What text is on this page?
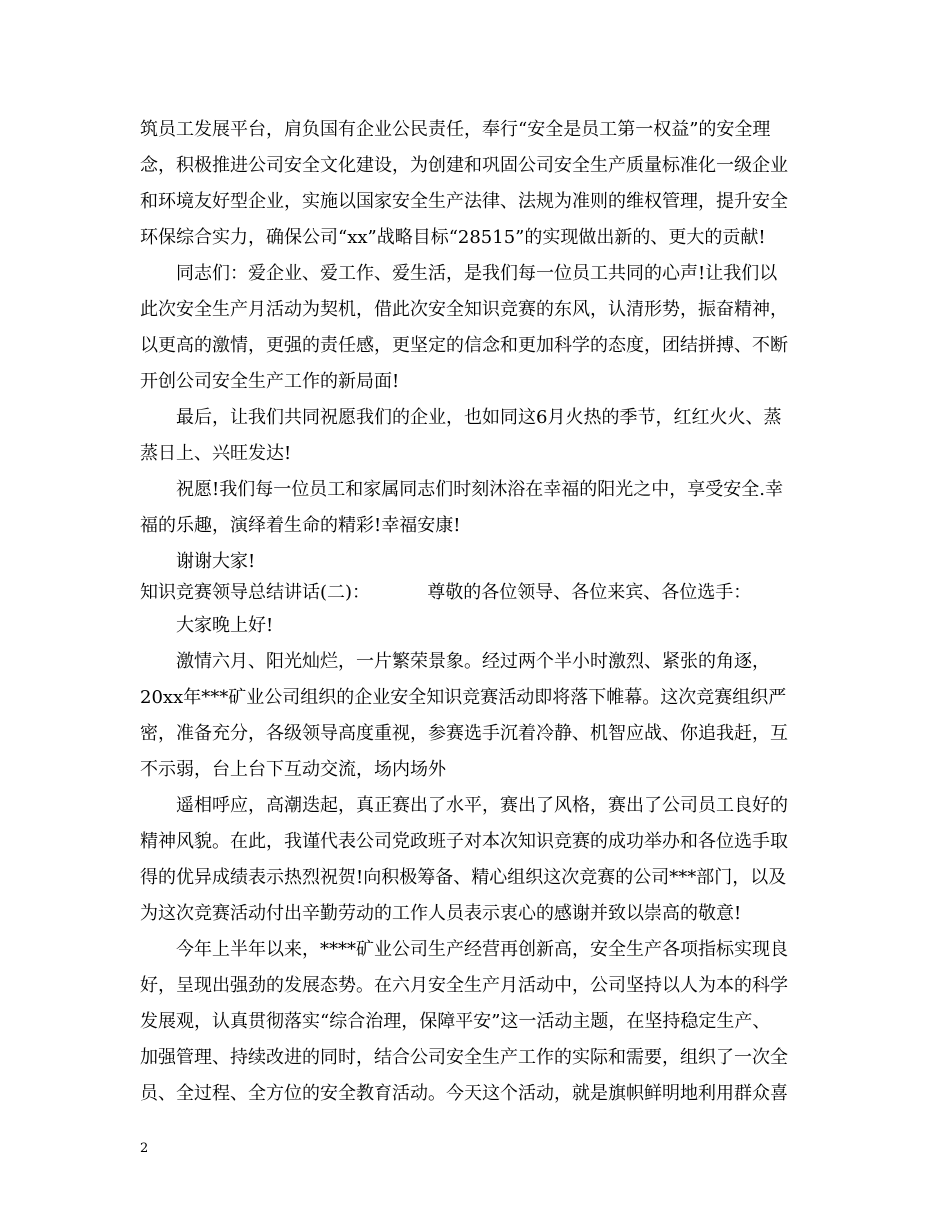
筑员工发展平台，肩负国有企业公民责任，奉行“安全是员工第一权益”的安全理
念，积极推进公司安全文化建设，为创建和巩固公司安全生产质量标准化一级企业
和环境友好型企业，实施以国家安全生产法律、法规为准则的维权管理，提升安全
环保综合实力，确保公司“xx”战略目标“28515”的实现做出新的、更大的贡献!
同志们：爱企业、爱工作、爱生活，是我们每一位员工共同的心声!让我们以
此次安全生产月活动为契机，借此次安全知识竞赛的东风，认清形势，振奋精神，
以更高的激情，更强的责任感，更坚定的信念和更加科学的态度，团结拼搏、不断
开创公司安全生产工作的新局面!
最后，让我们共同祝愿我们的企业，也如同这6月火热的季节，红红火火、蒸
蒸日上、兴旺发达!
祝愿!我们每一位员工和家属同志们时刻沐浴在幸福的阳光之中，享受安全.幸
福的乐趣，演绎着生命的精彩!幸福安康!
谢谢大家!
知识竞赛领导总结讲话(二)：          尊敬的各位领导、各位来宾、各位选手：
大家晚上好!
激情六月、阳光灿烂，一片繁荣景象。经过两个半小时激烈、紧张的角逐，
20xx年***矿业公司组织的企业安全知识竞赛活动即将落下帷幕。这次竞赛组织严
密，准备充分，各级领导高度重视，参赛选手沉着冷静、机智应战、你追我赶，互
不示弱，台上台下互动交流，场内场外
遥相呼应，高潮迭起，真正赛出了水平，赛出了风格，赛出了公司员工良好的
精神风貌。在此，我谨代表公司党政班子对本次知识竞赛的成功举办和各位选手取
得的优异成绩表示热烈祝贺!向积极筹备、精心组织这次竞赛的公司***部门，以及
为这次竞赛活动付出辛勤劳动的工作人员表示衷心的感谢并致以崇高的敬意!
今年上半年以来，****矿业公司生产经营再创新高，安全生产各项指标实现良
好，呈现出强劲的发展态势。在六月安全生产月活动中，公司坚持以人为本的科学
发展观，认真贯彻落实“综合治理，保障平安”这一活动主题，在坚持稳定生产、
加强管理、持续改进的同时，结合公司安全生产工作的实际和需要，组织了一次全
员、全过程、全方位的安全教育活动。今天这个活动，就是旗帜鲜明地利用群众喜
2
